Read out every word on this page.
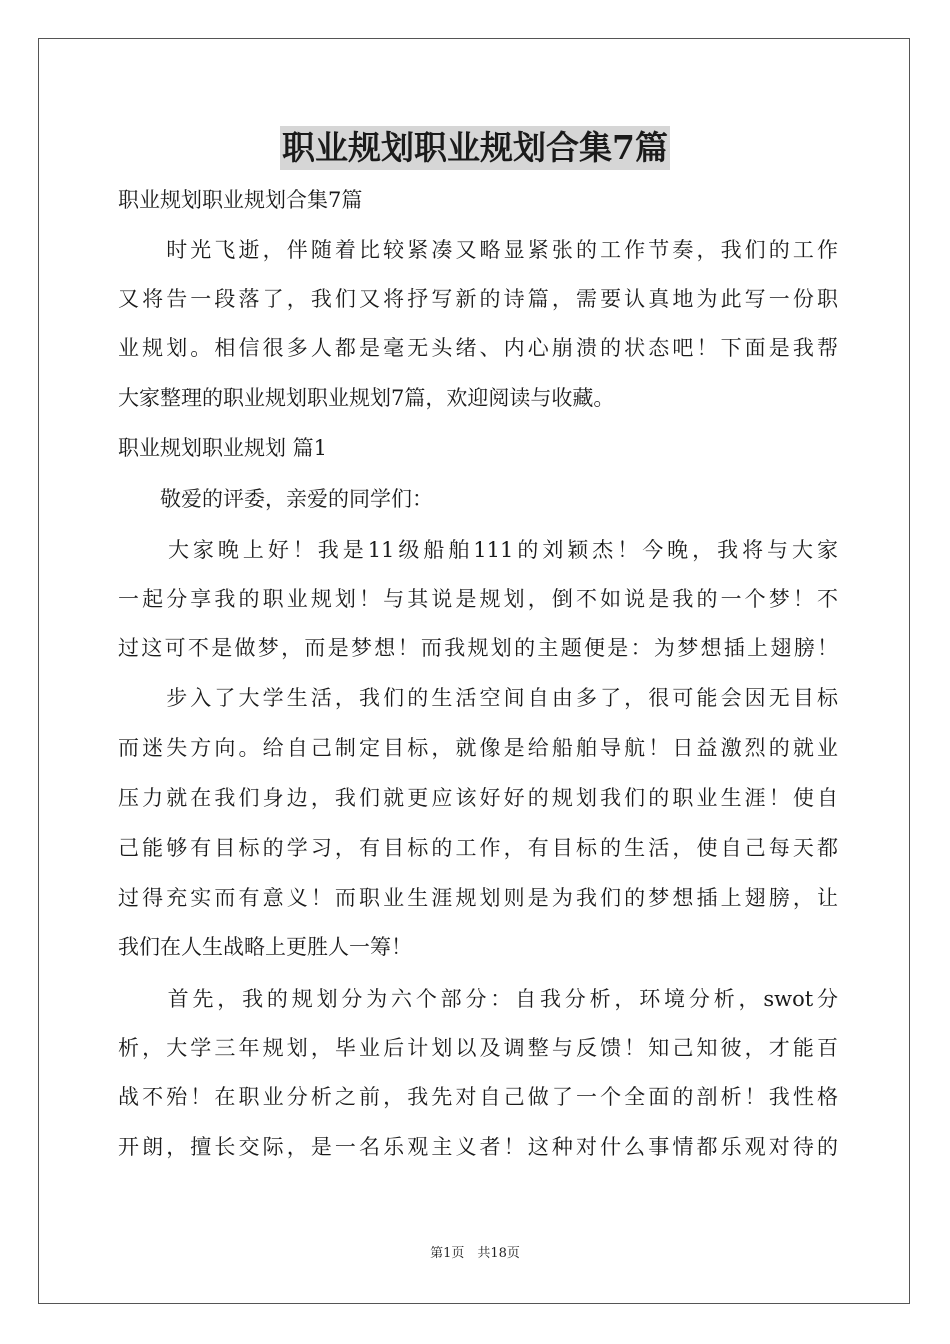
职业规划职业规划合集7篇
职业规划职业规划合集7篇
　　时光飞逝，伴随着比较紧凑又略显紧张的工作节奏，我们的工作
又将告一段落了，我们又将抒写新的诗篇，需要认真地为此写一份职
业规划。相信很多人都是毫无头绪、内心崩溃的状态吧！下面是我帮
大家整理的职业规划职业规划7篇，欢迎阅读与收藏。
职业规划职业规划 篇1
　　敬爱的评委，亲爱的同学们：
　　大家晚上好！我是11级船舶111的刘颖杰！今晚，我将与大家
一起分享我的职业规划！与其说是规划，倒不如说是我的一个梦！不
过这可不是做梦，而是梦想！而我规划的主题便是：为梦想插上翅膀！
　　步入了大学生活，我们的生活空间自由多了，很可能会因无目标
而迷失方向。给自己制定目标，就像是给船舶导航！日益激烈的就业
压力就在我们身边，我们就更应该好好的规划我们的职业生涯！使自
己能够有目标的学习，有目标的工作，有目标的生活，使自己每天都
过得充实而有意义！而职业生涯规划则是为我们的梦想插上翅膀，让
我们在人生战略上更胜人一筹！
　　首先，我的规划分为六个部分：自我分析，环境分析，swot分
析，大学三年规划，毕业后计划以及调整与反馈！知己知彼，才能百
战不殆！在职业分析之前，我先对自己做了一个全面的剖析！我性格
开朗，擅长交际，是一名乐观主义者！这种对什么事情都乐观对待的
第1页　共18页
